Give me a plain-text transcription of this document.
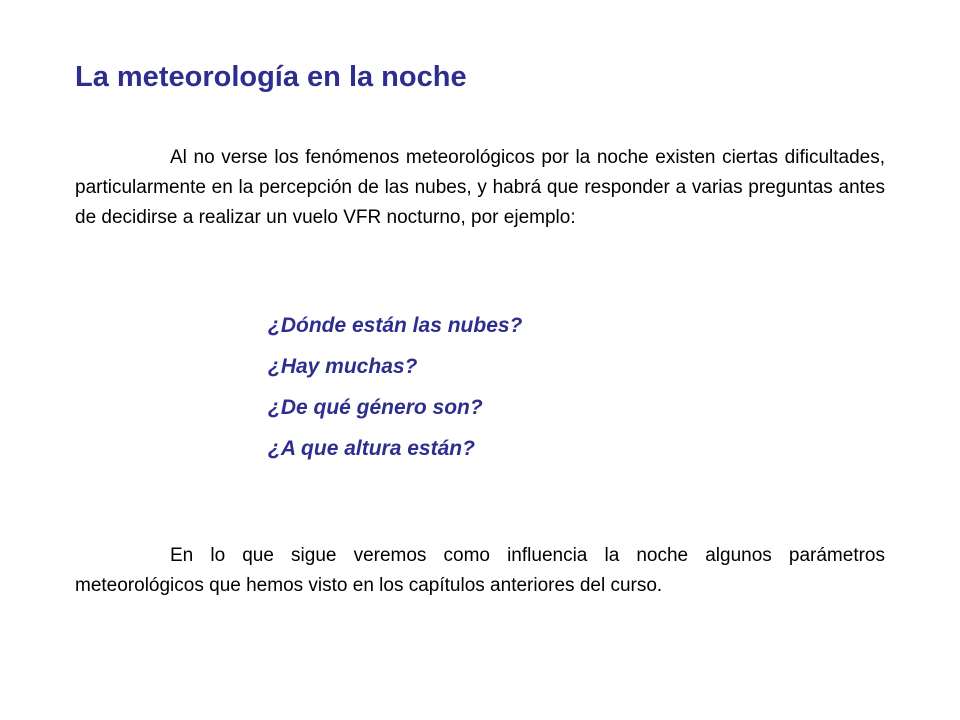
La meteorología en la noche

Al no verse los fenómenos meteorológicos por la noche existen ciertas dificultades, particularmente en la percepción de las nubes, y habrá que responder a varias preguntas antes de decidirse a realizar un vuelo VFR nocturno, por ejemplo:

¿Dónde están las nubes?
¿Hay muchas?
¿De qué género son?
¿A que altura están?

En lo que sigue veremos como influencia la noche algunos parámetros meteorológicos que hemos visto en los capítulos anteriores del curso.
